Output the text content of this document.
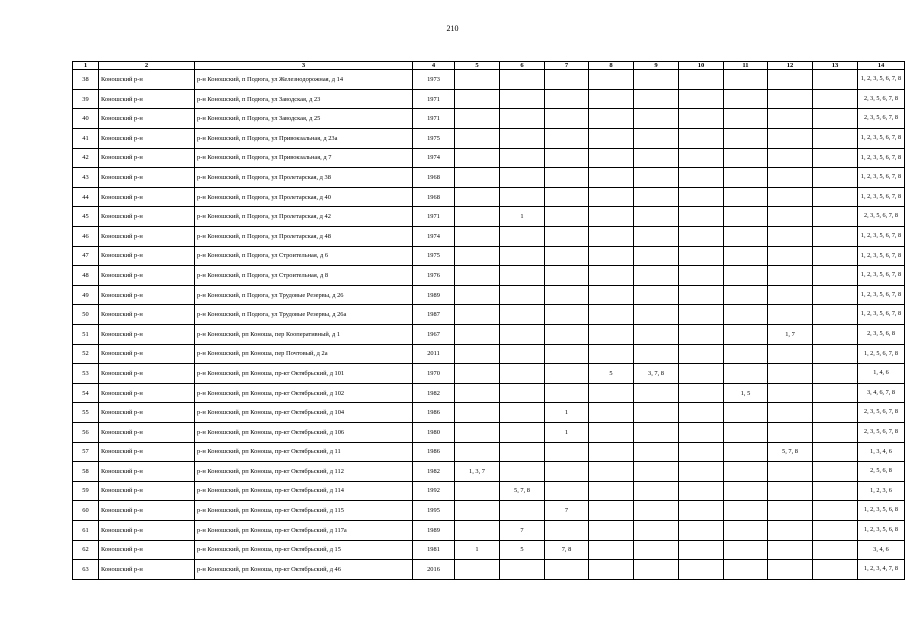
210
1	2	3	4	5	6	7	8	9	10	11	12	13	14
38	Коношский р-н	р-н Коношский, п Подюга, ул Железнодорожная, д 14	1973										1, 2, 3, 5, 6, 7, 8
39	Коношский р-н	р-н Коношский, п Подюга, ул Заводская, д 23	1971										2, 3, 5, 6, 7, 8
40	Коношский р-н	р-н Коношский, п Подюга, ул Заводская, д 25	1971										2, 3, 5, 6, 7, 8
41	Коношский р-н	р-н Коношский, п Подюга, ул Привокзальная, д 23а	1975										1, 2, 3, 5, 6, 7, 8
42	Коношский р-н	р-н Коношский, п Подюга, ул Привокзальная, д 7	1974										1, 2, 3, 5, 6, 7, 8
43	Коношский р-н	р-н Коношский, п Подюга, ул Пролетарская, д 38	1968										1, 2, 3, 5, 6, 7, 8
44	Коношский р-н	р-н Коношский, п Подюга, ул Пролетарская, д 40	1968										1, 2, 3, 5, 6, 7, 8
45	Коношский р-н	р-н Коношский, п Подюга, ул Пролетарская, д 42	1971		1								2, 3, 5, 6, 7, 8
46	Коношский р-н	р-н Коношский, п Подюга, ул Пролетарская, д 48	1974										1, 2, 3, 5, 6, 7, 8
47	Коношский р-н	р-н Коношский, п Подюга, ул Строительная, д 6	1975										1, 2, 3, 5, 6, 7, 8
48	Коношский р-н	р-н Коношский, п Подюга, ул Строительная, д 8	1976										1, 2, 3, 5, 6, 7, 8
49	Коношский р-н	р-н Коношский, п Подюга, ул Трудовые Резервы, д 26	1989										1, 2, 3, 5, 6, 7, 8
50	Коношский р-н	р-н Коношский, п Подюга, ул Трудовые Резервы, д 26а	1987										1, 2, 3, 5, 6, 7, 8
51	Коношский р-н	р-н Коношский, рп Коноша, пер Кооперативный, д 1	1967								1, 7		2, 3, 5, 6, 8
52	Коношский р-н	р-н Коношский, рп Коноша, пер Почтовый, д 2а	2011										1, 2, 5, 6, 7, 8
53	Коношский р-н	р-н Коношский, рп Коноша, пр-кт Октябрьский, д 101	1970				5	3, 7, 8					1, 4, 6
54	Коношский р-н	р-н Коношский, рп Коноша, пр-кт Октябрьский, д 102	1982							1, 5			3, 4, 6, 7, 8
55	Коношский р-н	р-н Коношский, рп Коноша, пр-кт Октябрьский, д 104	1986			1							2, 3, 5, 6, 7, 8
56	Коношский р-н	р-н Коношский, рп Коноша, пр-кт Октябрьский, д 106	1980			1							2, 3, 5, 6, 7, 8
57	Коношский р-н	р-н Коношский, рп Коноша, пр-кт Октябрьский, д 11	1986								5, 7, 8		1, 3, 4, 6
58	Коношский р-н	р-н Коношский, рп Коноша, пр-кт Октябрьский, д 112	1982	1, 3, 7									2, 5, 6, 8
59	Коношский р-н	р-н Коношский, рп Коноша, пр-кт Октябрьский, д 114	1992		5, 7, 8								1, 2, 3, 6
60	Коношский р-н	р-н Коношский, рп Коноша, пр-кт Октябрьский, д 115	1995			7							1, 2, 3, 5, 6, 8
61	Коношский р-н	р-н Коношский, рп Коноша, пр-кт Октябрьский, д 117а	1989		7								1, 2, 3, 5, 6, 8
62	Коношский р-н	р-н Коношский, рп Коноша, пр-кт Октябрьский, д 15	1981	1	5	7, 8							3, 4, 6
63	Коношский р-н	р-н Коношский, рп Коноша, пр-кт Октябрьский, д 46	2016										1, 2, 3, 4, 7, 8
